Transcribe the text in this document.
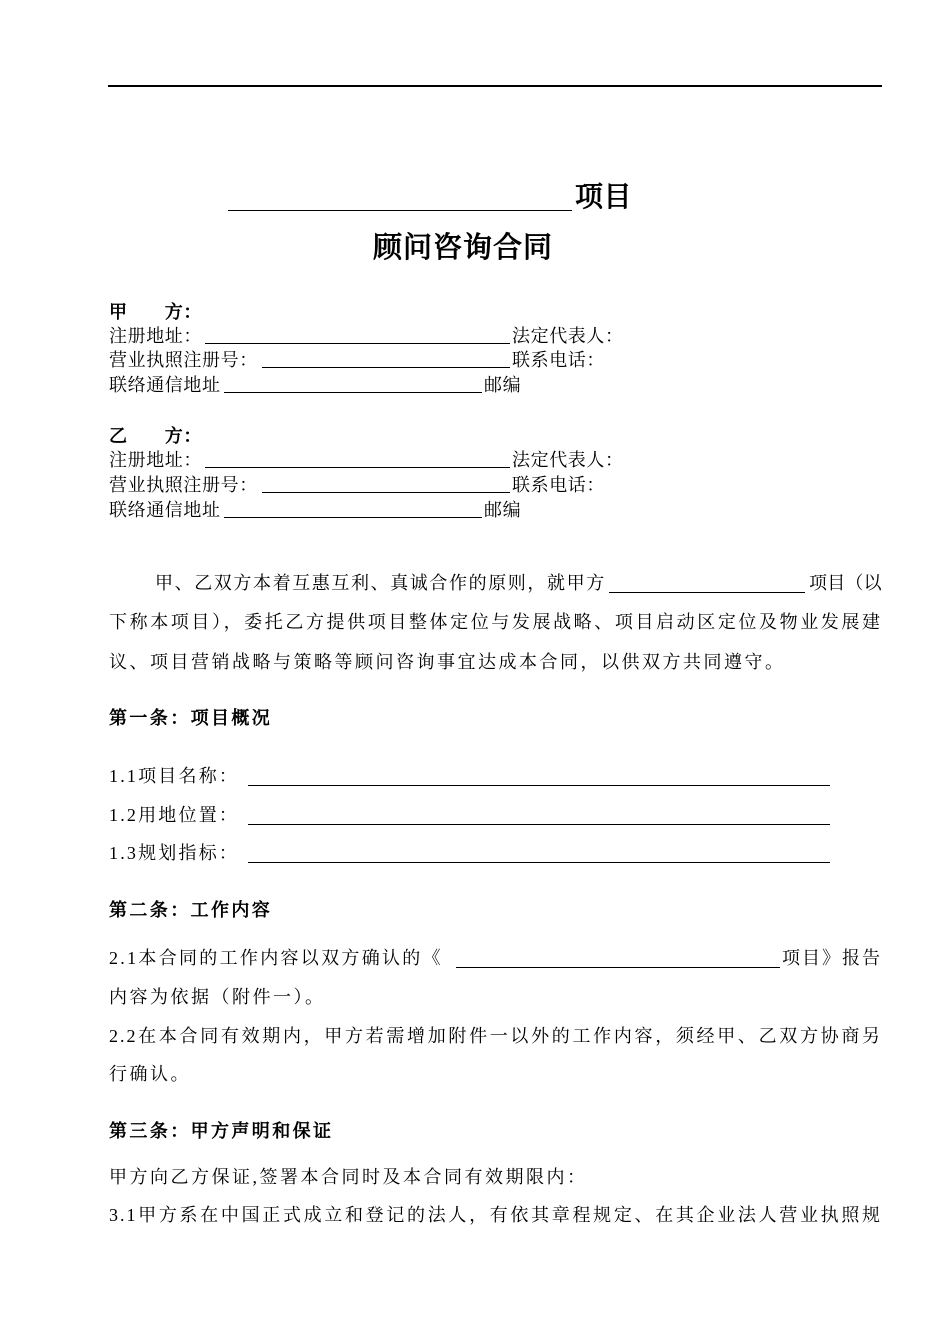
项目
顾问咨询合同
甲　　方：
注册地址：	法定代表人：
营业执照注册号：	联系电话：
联络通信地址	邮编
乙　　方：
注册地址：	法定代表人：
营业执照注册号：	联系电话：
联络通信地址	邮编
甲、乙双方本着互惠互利、真诚合作的原则，就甲方	项目（以
下称本项目），委托乙方提供项目整体定位与发展战略、项目启动区定位及物业发展建
议、项目营销战略与策略等顾问咨询事宜达成本合同，以供双方共同遵守。
第一条：项目概况
1.1项目名称：
1.2用地位置：
1.3规划指标：
第二条：工作内容
2.1本合同的工作内容以双方确认的《	项目》报告
内容为依据（附件一）。
2.2在本合同有效期内，甲方若需增加附件一以外的工作内容，须经甲、乙双方协商另
行确认。
第三条：甲方声明和保证
甲方向乙方保证,签署本合同时及本合同有效期限内：
3.1甲方系在中国正式成立和登记的法人，有依其章程规定、在其企业法人营业执照规
